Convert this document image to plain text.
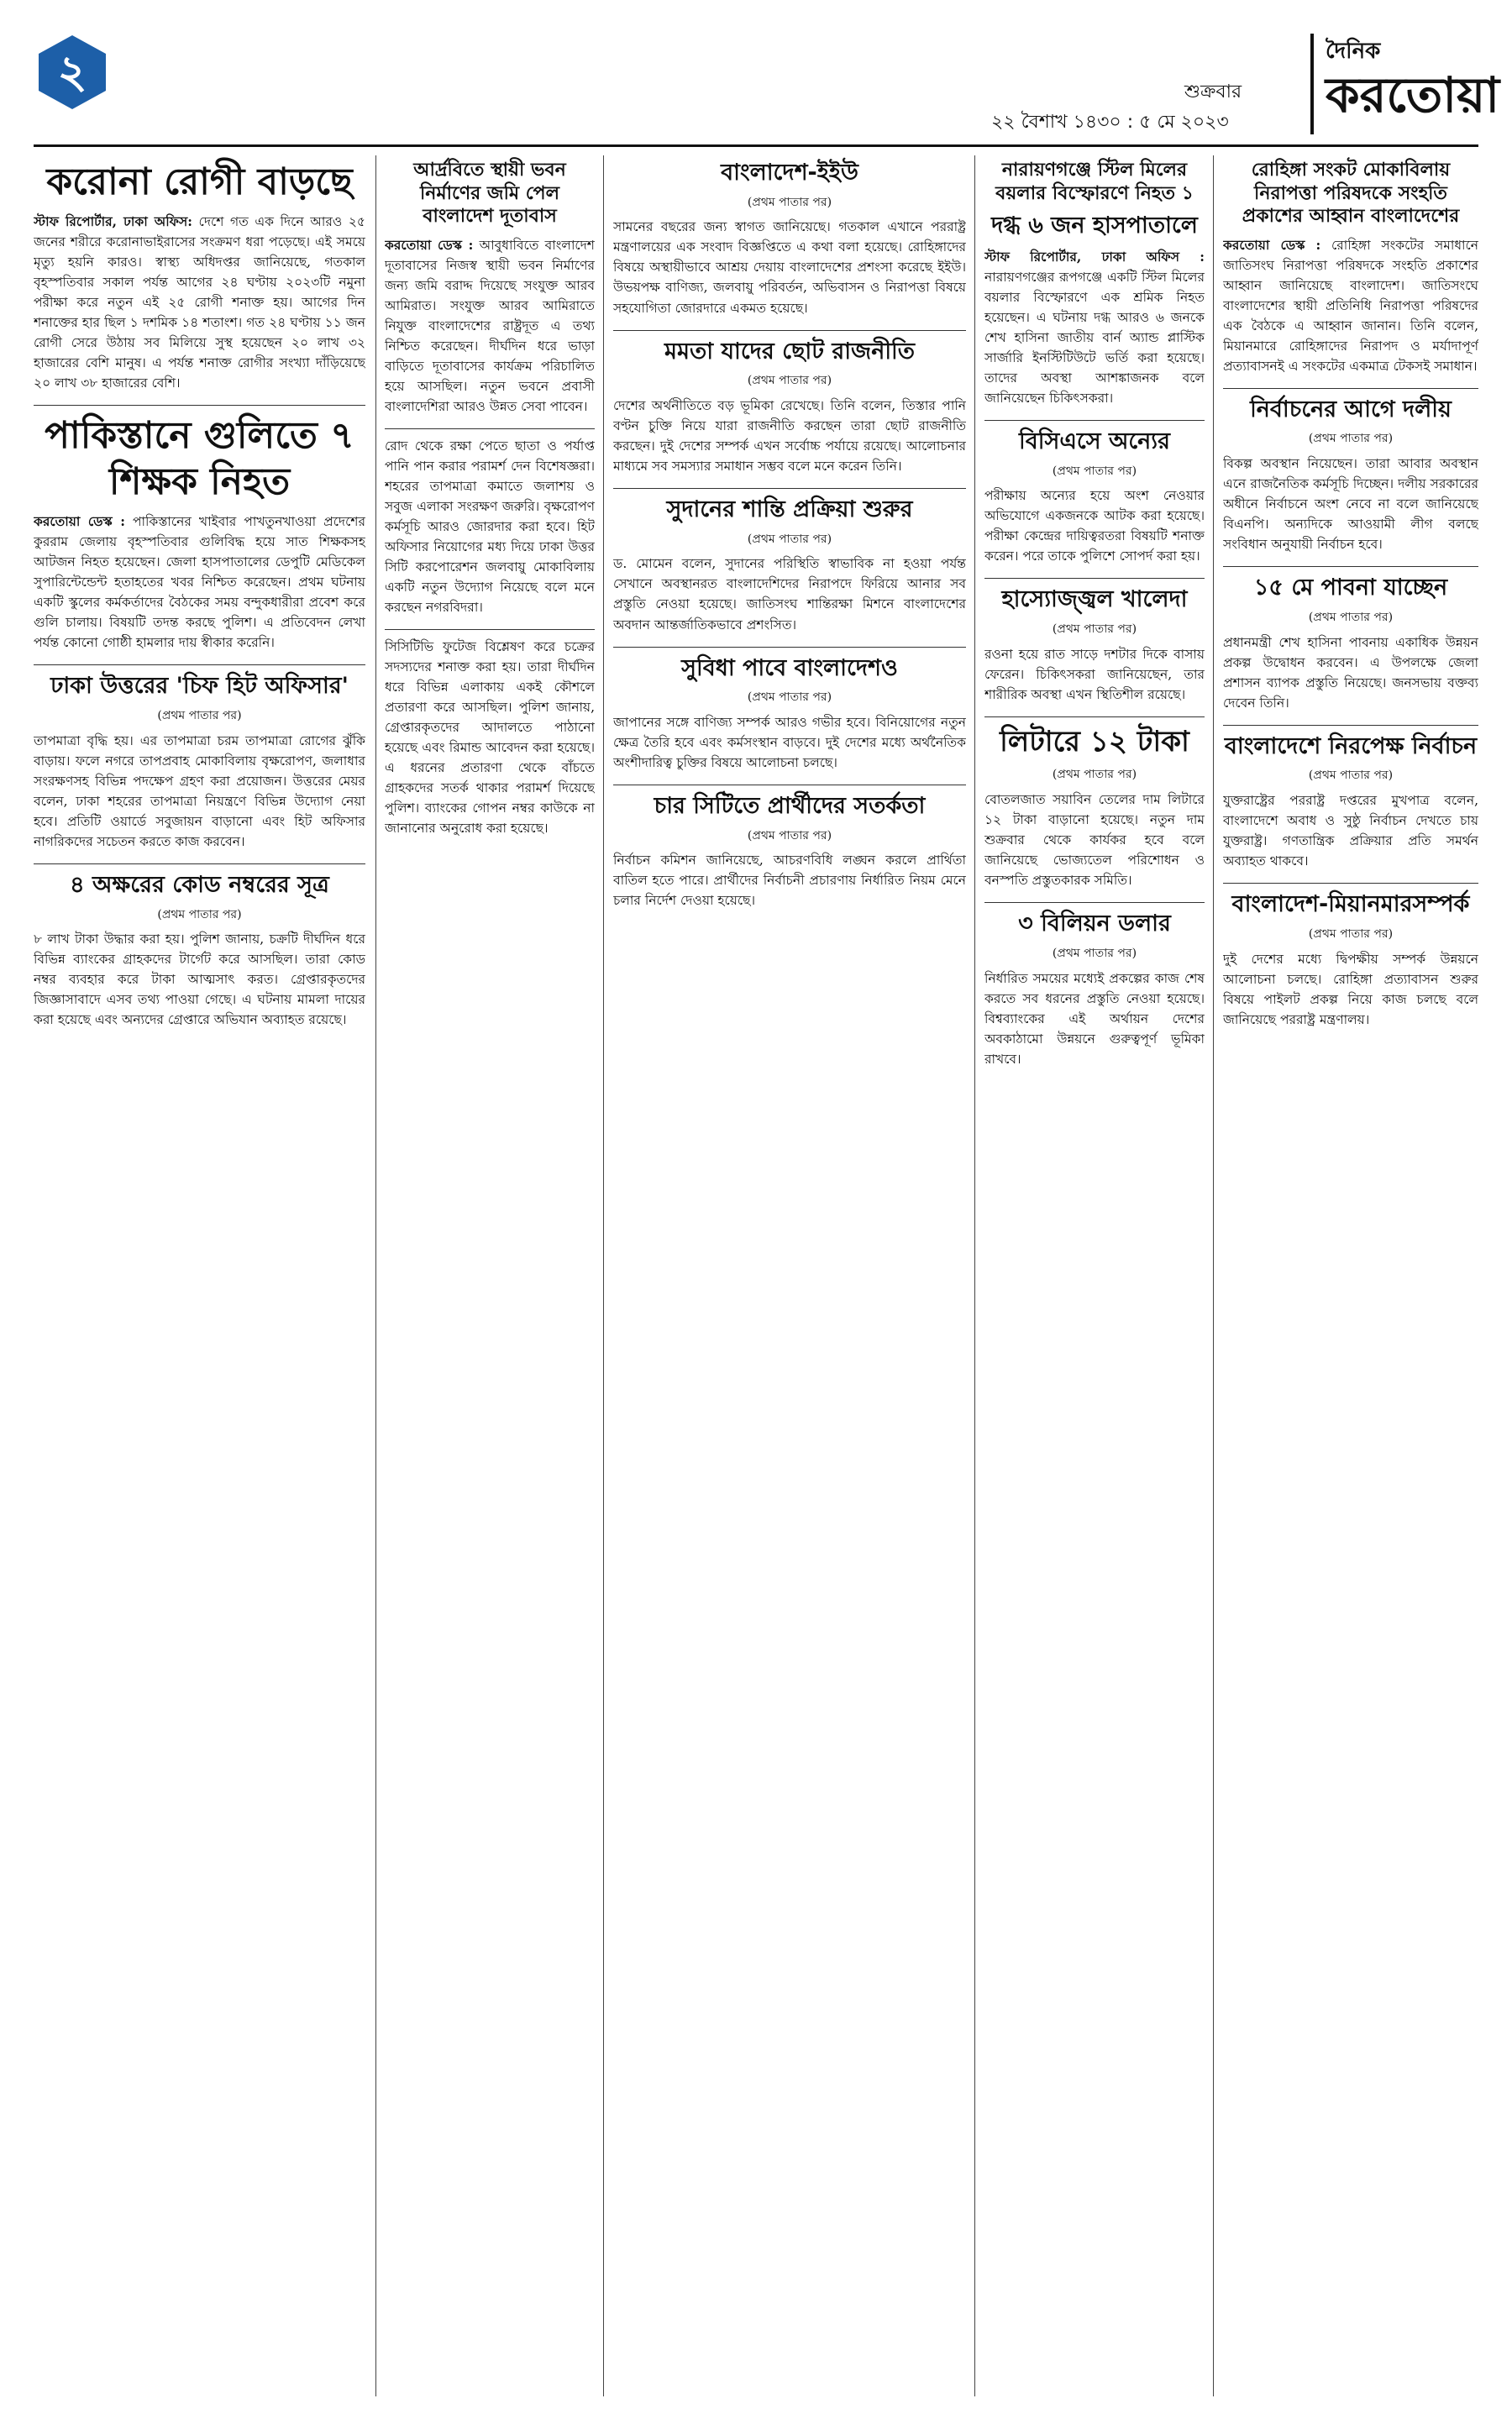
২	শুক্রবার
২২ বৈশাখ ১৪৩০ : ৫ মে ২০২৩
দৈনিক
করতোয়া
করোনা রোগী বাড়ছে

স্টাফ রিপোর্টার, ঢাকা অফিস: দেশে গত এক দিনে আরও ২৫ জনের শরীরে করোনাভাইরাসের সংক্রমণ ধরা পড়েছে। এই সময়ে মৃত্যু হয়নি কারও। স্বাস্থ্য অধিদপ্তর জানিয়েছে, গতকাল বৃহস্পতিবার সকাল পর্যন্ত আগের ২৪ ঘণ্টায় ২০২৩টি নমুনা পরীক্ষা করে নতুন এই ২৫ রোগী শনাক্ত হয়। আগের দিন শনাক্তের হার ছিল ১ দশমিক ১৪ শতাংশ। গত ২৪ ঘণ্টায় ১১ জন রোগী সেরে উঠায় সব মিলিয়ে সুস্থ হয়েছেন ২০ লাখ ৩২ হাজারের বেশি মানুষ। এ পর্যন্ত শনাক্ত রোগীর সংখ্যা দাঁড়িয়েছে ২০ লাখ ৩৮ হাজারের বেশি।

পাকিস্তানে গুলিতে ৭ শিক্ষক নিহত

করতোয়া ডেস্ক : পাকিস্তানের খাইবার পাখতুনখাওয়া প্রদেশের কুররাম জেলায় বৃহস্পতিবার গুলিবিদ্ধ হয়ে সাত শিক্ষকসহ আটজন নিহত হয়েছেন। জেলা হাসপাতালের ডেপুটি মেডিকেল সুপারিন্টেন্ডেন্ট হতাহতের খবর নিশ্চিত করেছেন। প্রথম ঘটনায় একটি স্কুলের কর্মকর্তাদের বৈঠকের সময় বন্দুকধারীরা প্রবেশ করে গুলি চালায়। বিষয়টি তদন্ত করছে পুলিশ। এ প্রতিবেদন লেখা পর্যন্ত কোনো গোষ্ঠী হামলার দায় স্বীকার করেনি।

ঢাকা উত্তরের 'চিফ হিট অফিসার'
(প্রথম পাতার পর)

তাপমাত্রা বৃদ্ধি হয়। এর তাপমাত্রা চরম তাপমাত্রা রোগের ঝুঁকি বাড়ায়। ফলে নগরে তাপপ্রবাহ মোকাবিলায় বৃক্ষরোপণ, জলাধার সংরক্ষণসহ বিভিন্ন পদক্ষেপ গ্রহণ করা প্রয়োজন। উত্তরের মেয়র বলেন, ঢাকা শহরের তাপমাত্রা নিয়ন্ত্রণে বিভিন্ন উদ্যোগ নেয়া হবে। প্রতিটি ওয়ার্ডে সবুজায়ন বাড়ানো এবং হিট অফিসার নাগরিকদের সচেতন করতে কাজ করবেন।

৪ অক্ষরের কোড নম্বরের সূত্র
(প্রথম পাতার পর)

৮ লাখ টাকা উদ্ধার করা হয়। পুলিশ জানায়, চক্রটি দীর্ঘদিন ধরে বিভিন্ন ব্যাংকের গ্রাহকদের টার্গেট করে আসছিল। তারা কোড নম্বর ব্যবহার করে টাকা আত্মসাৎ করত। গ্রেপ্তারকৃতদের জিজ্ঞাসাবাদে এসব তথ্য পাওয়া গেছে। এ ঘটনায় মামলা দায়ের করা হয়েছে এবং অন্যদের গ্রেপ্তারে অভিযান অব্যাহত রয়েছে।

আর্দ্রবিতে স্থায়ী ভবন নির্মাণের জমি পেল বাংলাদেশ দূতাবাস

করতোয়া ডেস্ক : আবুধাবিতে বাংলাদেশ দূতাবাসের নিজস্ব স্থায়ী ভবন নির্মাণের জন্য জমি বরাদ্দ দিয়েছে সংযুক্ত আরব আমিরাত। সংযুক্ত আরব আমিরাতে নিযুক্ত বাংলাদেশের রাষ্ট্রদূত এ তথ্য নিশ্চিত করেছেন। দীর্ঘদিন ধরে ভাড়া বাড়িতে দূতাবাসের কার্যক্রম পরিচালিত হয়ে আসছিল। নতুন ভবনে প্রবাসী বাংলাদেশিরা আরও উন্নত সেবা পাবেন।

রোদ থেকে রক্ষা পেতে ছাতা ও পর্যাপ্ত পানি পান করার পরামর্শ দেন বিশেষজ্ঞরা। শহরের তাপমাত্রা কমাতে জলাশয় ও সবুজ এলাকা সংরক্ষণ জরুরি। বৃক্ষরোপণ কর্মসূচি আরও জোরদার করা হবে। হিট অফিসার নিয়োগের মধ্য দিয়ে ঢাকা উত্তর সিটি করপোরেশন জলবায়ু মোকাবিলায় একটি নতুন উদ্যোগ নিয়েছে বলে মনে করছেন নগরবিদরা।

সিসিটিভি ফুটেজ বিশ্লেষণ করে চক্রের সদস্যদের শনাক্ত করা হয়। তারা দীর্ঘদিন ধরে বিভিন্ন এলাকায় একই কৌশলে প্রতারণা করে আসছিল। পুলিশ জানায়, গ্রেপ্তারকৃতদের আদালতে পাঠানো হয়েছে এবং রিমান্ড আবেদন করা হয়েছে। এ ধরনের প্রতারণা থেকে বাঁচতে গ্রাহকদের সতর্ক থাকার পরামর্শ দিয়েছে পুলিশ। ব্যাংকের গোপন নম্বর কাউকে না জানানোর অনুরোধ করা হয়েছে।

বাংলাদেশ-ইইউ
(প্রথম পাতার পর)

সামনের বছরের জন্য স্বাগত জানিয়েছে। গতকাল এখানে পররাষ্ট্র মন্ত্রণালয়ের এক সংবাদ বিজ্ঞপ্তিতে এ কথা বলা হয়েছে। রোহিঙ্গাদের বিষয়ে অস্থায়ীভাবে আশ্রয় দেয়ায় বাংলাদেশের প্রশংসা করেছে ইইউ। উভয়পক্ষ বাণিজ্য, জলবায়ু পরিবর্তন, অভিবাসন ও নিরাপত্তা বিষয়ে সহযোগিতা জোরদারে একমত হয়েছে।

মমতা যাদের ছোট রাজনীতি
(প্রথম পাতার পর)

দেশের অর্থনীতিতে বড় ভূমিকা রেখেছে। তিনি বলেন, তিস্তার পানি বণ্টন চুক্তি নিয়ে যারা রাজনীতি করছেন তারা ছোট রাজনীতি করছেন। দুই দেশের সম্পর্ক এখন সর্বোচ্চ পর্যায়ে রয়েছে। আলোচনার মাধ্যমে সব সমস্যার সমাধান সম্ভব বলে মনে করেন তিনি।

সুদানের শান্তি প্রক্রিয়া শুরুর
(প্রথম পাতার পর)

ড. মোমেন বলেন, সুদানের পরিস্থিতি স্বাভাবিক না হওয়া পর্যন্ত সেখানে অবস্থানরত বাংলাদেশিদের নিরাপদে ফিরিয়ে আনার সব প্রস্তুতি নেওয়া হয়েছে। জাতিসংঘ শান্তিরক্ষা মিশনে বাংলাদেশের অবদান আন্তর্জাতিকভাবে প্রশংসিত।

সুবিধা পাবে বাংলাদেশও
(প্রথম পাতার পর)

জাপানের সঙ্গে বাণিজ্য সম্পর্ক আরও গভীর হবে। বিনিয়োগের নতুন ক্ষেত্র তৈরি হবে এবং কর্মসংস্থান বাড়বে। দুই দেশের মধ্যে অর্থনৈতিক অংশীদারিত্ব চুক্তির বিষয়ে আলোচনা চলছে।

চার সিটিতে প্রার্থীদের সতর্কতা
(প্রথম পাতার পর)

নির্বাচন কমিশন জানিয়েছে, আচরণবিধি লঙ্ঘন করলে প্রার্থিতা বাতিল হতে পারে। প্রার্থীদের নির্বাচনী প্রচারণায় নির্ধারিত নিয়ম মেনে চলার নির্দেশ দেওয়া হয়েছে।

নারায়ণগঞ্জে স্টিল মিলের বয়লার বিস্ফোরণে নিহত ১
দগ্ধ ৬ জন হাসপাতালে

স্টাফ রিপোর্টার, ঢাকা অফিস : নারায়ণগঞ্জের রূপগঞ্জে একটি স্টিল মিলের বয়লার বিস্ফোরণে এক শ্রমিক নিহত হয়েছেন। এ ঘটনায় দগ্ধ আরও ৬ জনকে শেখ হাসিনা জাতীয় বার্ন অ্যান্ড প্লাস্টিক সার্জারি ইনস্টিটিউটে ভর্তি করা হয়েছে। তাদের অবস্থা আশঙ্কাজনক বলে জানিয়েছেন চিকিৎসকরা।

বিসিএসে অন্যের
(প্রথম পাতার পর)

পরীক্ষায় অন্যের হয়ে অংশ নেওয়ার অভিযোগে একজনকে আটক করা হয়েছে। পরীক্ষা কেন্দ্রের দায়িত্বরতরা বিষয়টি শনাক্ত করেন। পরে তাকে পুলিশে সোপর্দ করা হয়।

হাস্যোজ্জ্বল খালেদা
(প্রথম পাতার পর)

রওনা হয়ে রাত সাড়ে দশটার দিকে বাসায় ফেরেন। চিকিৎসকরা জানিয়েছেন, তার শারীরিক অবস্থা এখন স্থিতিশীল রয়েছে।

লিটারে ১২ টাকা
(প্রথম পাতার পর)

বোতলজাত সয়াবিন তেলের দাম লিটারে ১২ টাকা বাড়ানো হয়েছে। নতুন দাম শুক্রবার থেকে কার্যকর হবে বলে জানিয়েছে ভোজ্যতেল পরিশোধন ও বনস্পতি প্রস্তুতকারক সমিতি।

৩ বিলিয়ন ডলার
(প্রথম পাতার পর)

নির্ধারিত সময়ের মধ্যেই প্রকল্পের কাজ শেষ করতে সব ধরনের প্রস্তুতি নেওয়া হয়েছে। বিশ্বব্যাংকের এই অর্থায়ন দেশের অবকাঠামো উন্নয়নে গুরুত্বপূর্ণ ভূমিকা রাখবে।

রোহিঙ্গা সংকট মোকাবিলায় নিরাপত্তা পরিষদকে সংহতি প্রকাশের আহ্বান বাংলাদেশের

করতোয়া ডেস্ক : রোহিঙ্গা সংকটের সমাধানে জাতিসংঘ নিরাপত্তা পরিষদকে সংহতি প্রকাশের আহ্বান জানিয়েছে বাংলাদেশ। জাতিসংঘে বাংলাদেশের স্থায়ী প্রতিনিধি নিরাপত্তা পরিষদের এক বৈঠকে এ আহ্বান জানান। তিনি বলেন, মিয়ানমারে রোহিঙ্গাদের নিরাপদ ও মর্যাদাপূর্ণ প্রত্যাবাসনই এ সংকটের একমাত্র টেকসই সমাধান।

নির্বাচনের আগে দলীয়
(প্রথম পাতার পর)

বিকল্প অবস্থান নিয়েছেন। তারা আবার অবস্থান এনে রাজনৈতিক কর্মসূচি দিচ্ছেন। দলীয় সরকারের অধীনে নির্বাচনে অংশ নেবে না বলে জানিয়েছে বিএনপি। অন্যদিকে আওয়ামী লীগ বলছে সংবিধান অনুযায়ী নির্বাচন হবে।

১৫ মে পাবনা যাচ্ছেন
(প্রথম পাতার পর)

প্রধানমন্ত্রী শেখ হাসিনা পাবনায় একাধিক উন্নয়ন প্রকল্প উদ্বোধন করবেন। এ উপলক্ষে জেলা প্রশাসন ব্যাপক প্রস্তুতি নিয়েছে। জনসভায় বক্তব্য দেবেন তিনি।

বাংলাদেশে নিরপেক্ষ নির্বাচন
(প্রথম পাতার পর)

যুক্তরাষ্ট্রের পররাষ্ট্র দপ্তরের মুখপাত্র বলেন, বাংলাদেশে অবাধ ও সুষ্ঠু নির্বাচন দেখতে চায় যুক্তরাষ্ট্র। গণতান্ত্রিক প্রক্রিয়ার প্রতি সমর্থন অব্যাহত থাকবে।

বাংলাদেশ-মিয়ানমারসম্পর্ক
(প্রথম পাতার পর)

দুই দেশের মধ্যে দ্বিপক্ষীয় সম্পর্ক উন্নয়নে আলোচনা চলছে। রোহিঙ্গা প্রত্যাবাসন শুরুর বিষয়ে পাইলট প্রকল্প নিয়ে কাজ চলছে বলে জানিয়েছে পররাষ্ট্র মন্ত্রণালয়।
